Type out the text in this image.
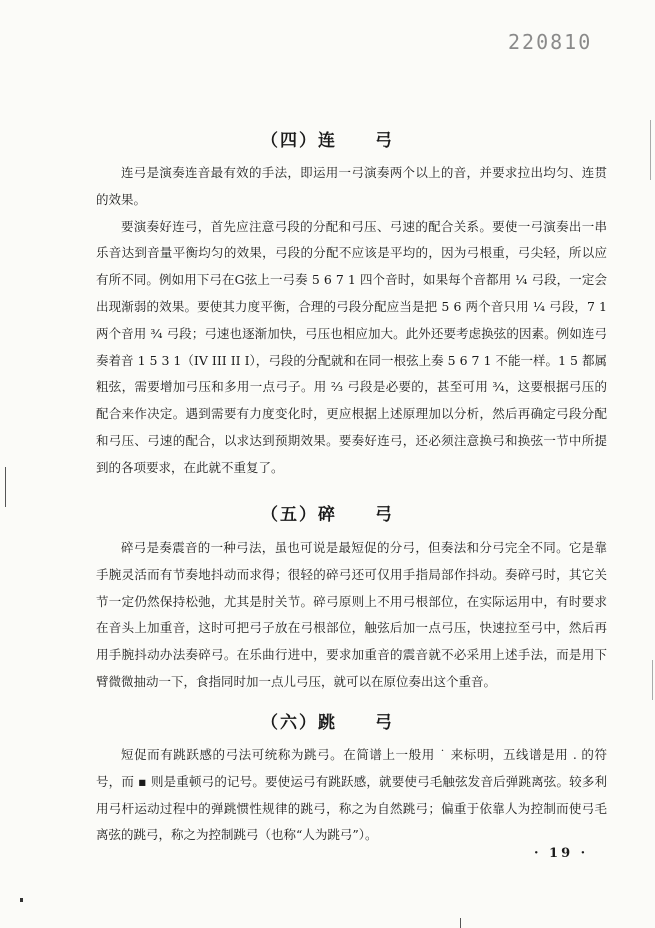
220810
（四）连 弓

连弓是演奏连音最有效的手法，即运用一弓演奏两个以上的音，并要求拉出均匀、连贯的效果。

要演奏好连弓，首先应注意弓段的分配和弓压、弓速的配合关系。要使一弓演奏出一串乐音达到音量平衡均匀的效果，弓段的分配不应该是平均的，因为弓根重，弓尖轻，所以应有所不同。例如用下弓在G弦上一弓奏 5 6 7 1 四个音时，如果每个音都用 ¼ 弓段，一定会出现渐弱的效果。要使其力度平衡，合理的弓段分配应当是把 5 6 两个音只用 ¼ 弓段，7 1 两个音用 ¾ 弓段；弓速也逐渐加快，弓压也相应加大。此外还要考虑换弦的因素。例如连弓奏着音 1 5 3 1（IV III II I），弓段的分配就和在同一根弦上奏 5 6 7 1 不能一样。1 5 都属粗弦，需要增加弓压和多用一点弓子。用 ⅔ 弓段是必要的，甚至可用 ¾，这要根据弓压的配合来作决定。遇到需要有力度变化时，更应根据上述原理加以分析，然后再确定弓段分配和弓压、弓速的配合，以求达到预期效果。要奏好连弓，还必须注意换弓和换弦一节中所提到的各项要求，在此就不重复了。

（五）碎 弓

碎弓是奏震音的一种弓法，虽也可说是最短促的分弓，但奏法和分弓完全不同。它是靠手腕灵活而有节奏地抖动而求得；很轻的碎弓还可仅用手指局部作抖动。奏碎弓时，其它关节一定仍然保持松弛，尤其是肘关节。碎弓原则上不用弓根部位，在实际运用中，有时要求在音头上加重音，这时可把弓子放在弓根部位，触弦后加一点弓压，快速拉至弓中，然后再用手腕抖动办法奏碎弓。在乐曲行进中，要求加重音的震音就不必采用上述手法，而是用下臂微微抽动一下，食指同时加一点儿弓压，就可以在原位奏出这个重音。

（六）跳 弓

短促而有跳跃感的弓法可统称为跳弓。在简谱上一般用 ˙ 来标明，五线谱是用 . 的符号，而 ▪ 则是重顿弓的记号。要使运弓有跳跃感，就要使弓毛触弦发音后弹跳离弦。较多利用弓杆运动过程中的弹跳惯性规律的跳弓，称之为自然跳弓；偏重于依靠人为控制而使弓毛离弦的跳弓，称之为控制跳弓（也称“人为跳弓”）。

· 19 ·
